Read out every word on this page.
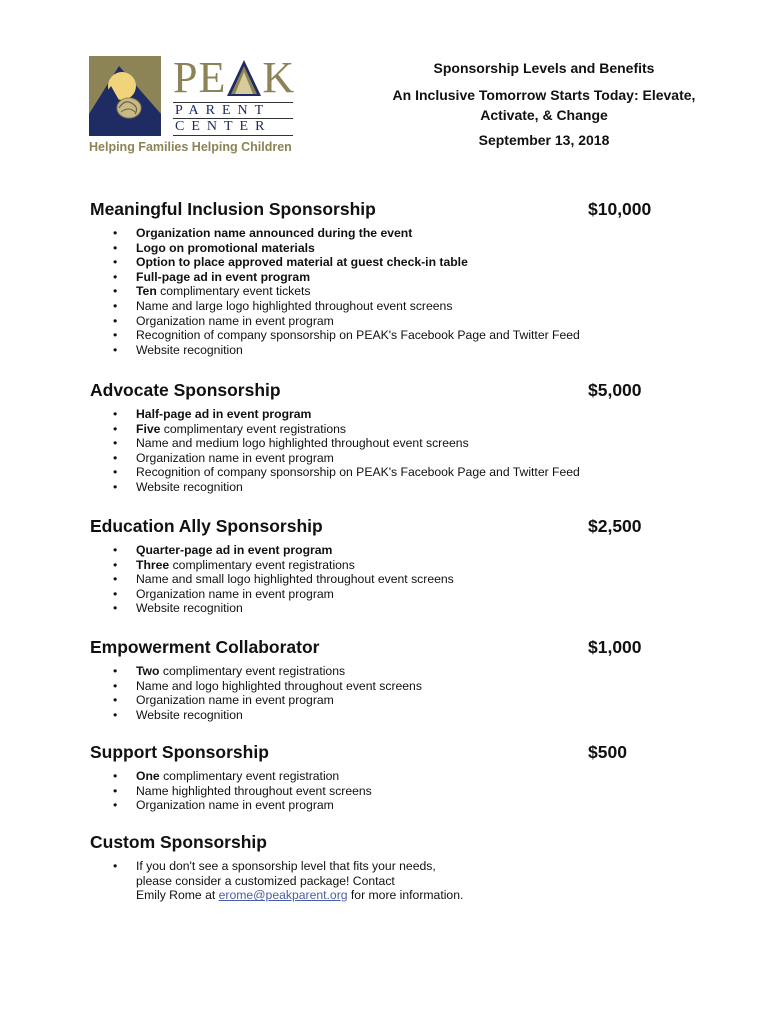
PE K
PARENT
CENTER
Helping Families Helping Children
Sponsorship Levels and Benefits
An Inclusive Tomorrow Starts Today: Elevate,
Activate, & Change
September 13, 2018
Meaningful Inclusion Sponsorship	$10,000
• Organization name announced during the event
• Logo on promotional materials
• Option to place approved material at guest check-in table
• Full-page ad in event program
• Ten complimentary event tickets
• Name and large logo highlighted throughout event screens
• Organization name in event program
• Recognition of company sponsorship on PEAK's Facebook Page and Twitter Feed
• Website recognition
Advocate Sponsorship	$5,000
• Half-page ad in event program
• Five complimentary event registrations
• Name and medium logo highlighted throughout event screens
• Organization name in event program
• Recognition of company sponsorship on PEAK's Facebook Page and Twitter Feed
• Website recognition
Education Ally Sponsorship	$2,500
• Quarter-page ad in event program
• Three complimentary event registrations
• Name and small logo highlighted throughout event screens
• Organization name in event program
• Website recognition
Empowerment Collaborator	$1,000
• Two complimentary event registrations
• Name and logo highlighted throughout event screens
• Organization name in event program
• Website recognition
Support Sponsorship	$500
• One complimentary event registration
• Name highlighted throughout event screens
• Organization name in event program
Custom Sponsorship
• If you don't see a sponsorship level that fits your needs,
please consider a customized package! Contact
Emily Rome at erome@peakparent.org for more information.
